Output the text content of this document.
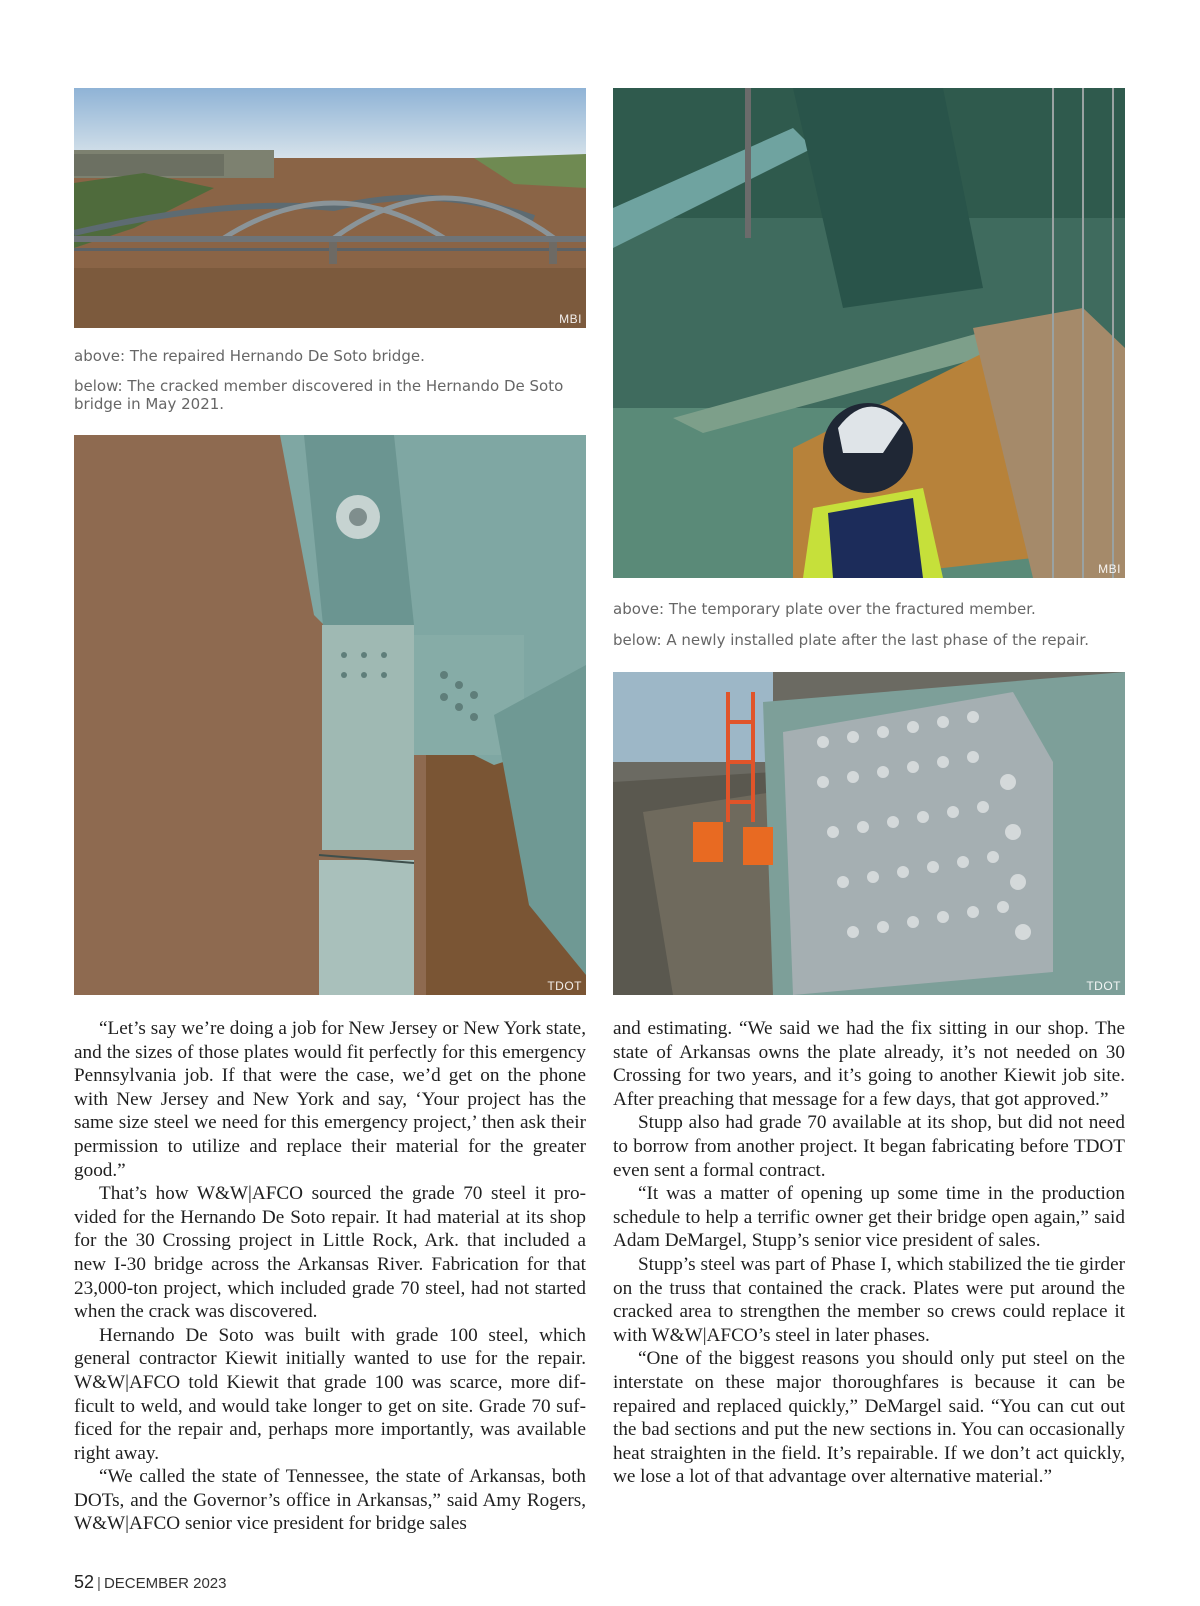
MBI

above: The repaired Hernando De Soto bridge.

below: The cracked member discovered in the Hernando De Soto bridge in May 2021.

TDOT
MBI

above: The temporary plate over the fractured member.

below: A newly installed plate after the last phase of the repair.

TDOT

“Let’s say we’re doing a job for New Jersey or New York state, and the sizes of those plates would fit perfectly for this emergency Pennsylvania job. If that were the case, we’d get on the phone with New Jersey and New York and say, ‘Your project has the same size steel we need for this emergency project,’ then ask their permission to utilize and replace their material for the greater good.”

That’s how W&W|AFCO sourced the grade 70 steel it provided for the Hernando De Soto repair. It had material at its shop for the 30 Crossing project in Little Rock, Ark. that included a new I-30 bridge across the Arkansas River. Fabrication for that 23,000-ton project, which included grade 70 steel, had not started when the crack was discovered.

Hernando De Soto was built with grade 100 steel, which general contractor Kiewit initially wanted to use for the repair. W&W|AFCO told Kiewit that grade 100 was scarce, more difficult to weld, and would take longer to get on site. Grade 70 sufficed for the repair and, perhaps more importantly, was available right away.

“We called the state of Tennessee, the state of Arkansas, both DOTs, and the Governor’s office in Arkansas,” said Amy Rogers, W&W|AFCO senior vice president for bridge sales

and estimating. “We said we had the fix sitting in our shop. The state of Arkansas owns the plate already, it’s not needed on 30 Crossing for two years, and it’s going to another Kiewit job site. After preaching that message for a few days, that got approved.”

Stupp also had grade 70 available at its shop, but did not need to borrow from another project. It began fabricating before TDOT even sent a formal contract.

“It was a matter of opening up some time in the production schedule to help a terrific owner get their bridge open again,” said Adam DeMargel, Stupp’s senior vice president of sales.

Stupp’s steel was part of Phase I, which stabilized the tie girder on the truss that contained the crack. Plates were put around the cracked area to strengthen the member so crews could replace it with W&W|AFCO’s steel in later phases.

“One of the biggest reasons you should only put steel on the interstate on these major thoroughfares is because it can be repaired and replaced quickly,” DeMargel said. “You can cut out the bad sections and put the new sections in. You can occasionally heat straighten in the field. It’s repairable. If we don’t act quickly, we lose a lot of that advantage over alternative material.”

52 | DECEMBER 2023
